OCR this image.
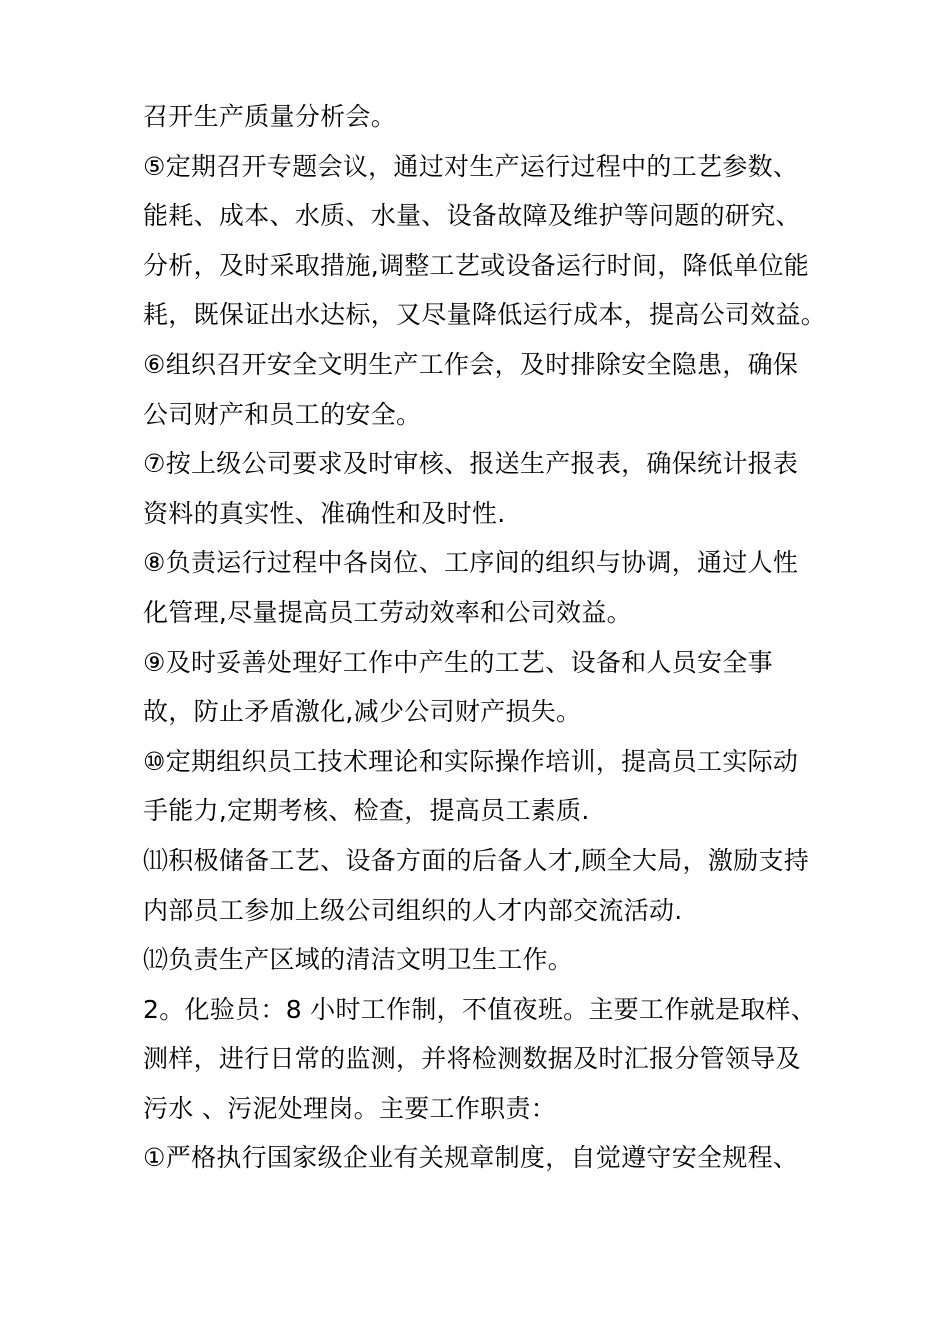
召开生产质量分析会。
⑤定期召开专题会议，通过对生产运行过程中的工艺参数、
能耗、成本、水质、水量、设备故障及维护等问题的研究、
分析，及时采取措施,调整工艺或设备运行时间，降低单位能
耗，既保证出水达标，又尽量降低运行成本，提高公司效益。
⑥组织召开安全文明生产工作会，及时排除安全隐患，确保
公司财产和员工的安全。
⑦按上级公司要求及时审核、报送生产报表，确保统计报表
资料的真实性、准确性和及时性.
⑧负责运行过程中各岗位、工序间的组织与协调，通过人性
化管理,尽量提高员工劳动效率和公司效益。
⑨及时妥善处理好工作中产生的工艺、设备和人员安全事
故，防止矛盾激化,减少公司财产损失。
⑩定期组织员工技术理论和实际操作培训，提高员工实际动
手能力,定期考核、检查，提高员工素质.
⑾积极储备工艺、设备方面的后备人才,顾全大局，激励支持
内部员工参加上级公司组织的人才内部交流活动.
⑿负责生产区域的清洁文明卫生工作。
2。化验员：8 小时工作制，不值夜班。主要工作就是取样、
测样，进行日常的监测，并将检测数据及时汇报分管领导及
污水 、污泥处理岗。主要工作职责：
①严格执行国家级企业有关规章制度，自觉遵守安全规程、
